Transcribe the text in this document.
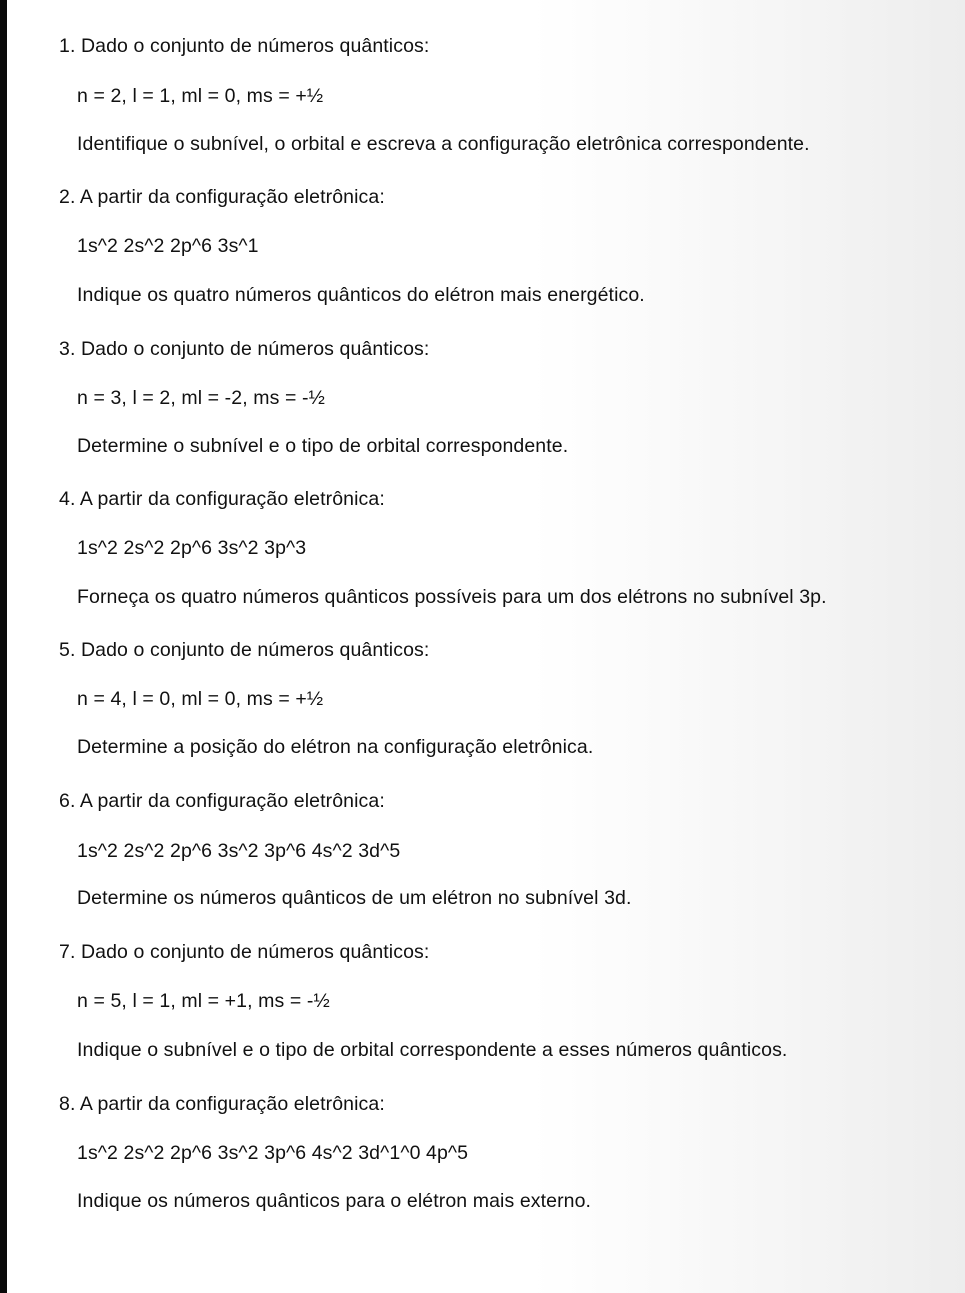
1. Dado o conjunto de números quânticos:
n = 2, l = 1, ml = 0, ms = +½
Identifique o subnível, o orbital e escreva a configuração eletrônica correspondente.
2. A partir da configuração eletrônica:
1s^2 2s^2 2p^6 3s^1
Indique os quatro números quânticos do elétron mais energético.
3. Dado o conjunto de números quânticos:
n = 3, l = 2, ml = -2, ms = -½
Determine o subnível e o tipo de orbital correspondente.
4. A partir da configuração eletrônica:
1s^2 2s^2 2p^6 3s^2 3p^3
Forneça os quatro números quânticos possíveis para um dos elétrons no subnível 3p.
5. Dado o conjunto de números quânticos:
n = 4, l = 0, ml = 0, ms = +½
Determine a posição do elétron na configuração eletrônica.
6. A partir da configuração eletrônica:
1s^2 2s^2 2p^6 3s^2 3p^6 4s^2 3d^5
Determine os números quânticos de um elétron no subnível 3d.
7. Dado o conjunto de números quânticos:
n = 5, l = 1, ml = +1, ms = -½
Indique o subnível e o tipo de orbital correspondente a esses números quânticos.
8. A partir da configuração eletrônica:
1s^2 2s^2 2p^6 3s^2 3p^6 4s^2 3d^1^0 4p^5
Indique os números quânticos para o elétron mais externo.
